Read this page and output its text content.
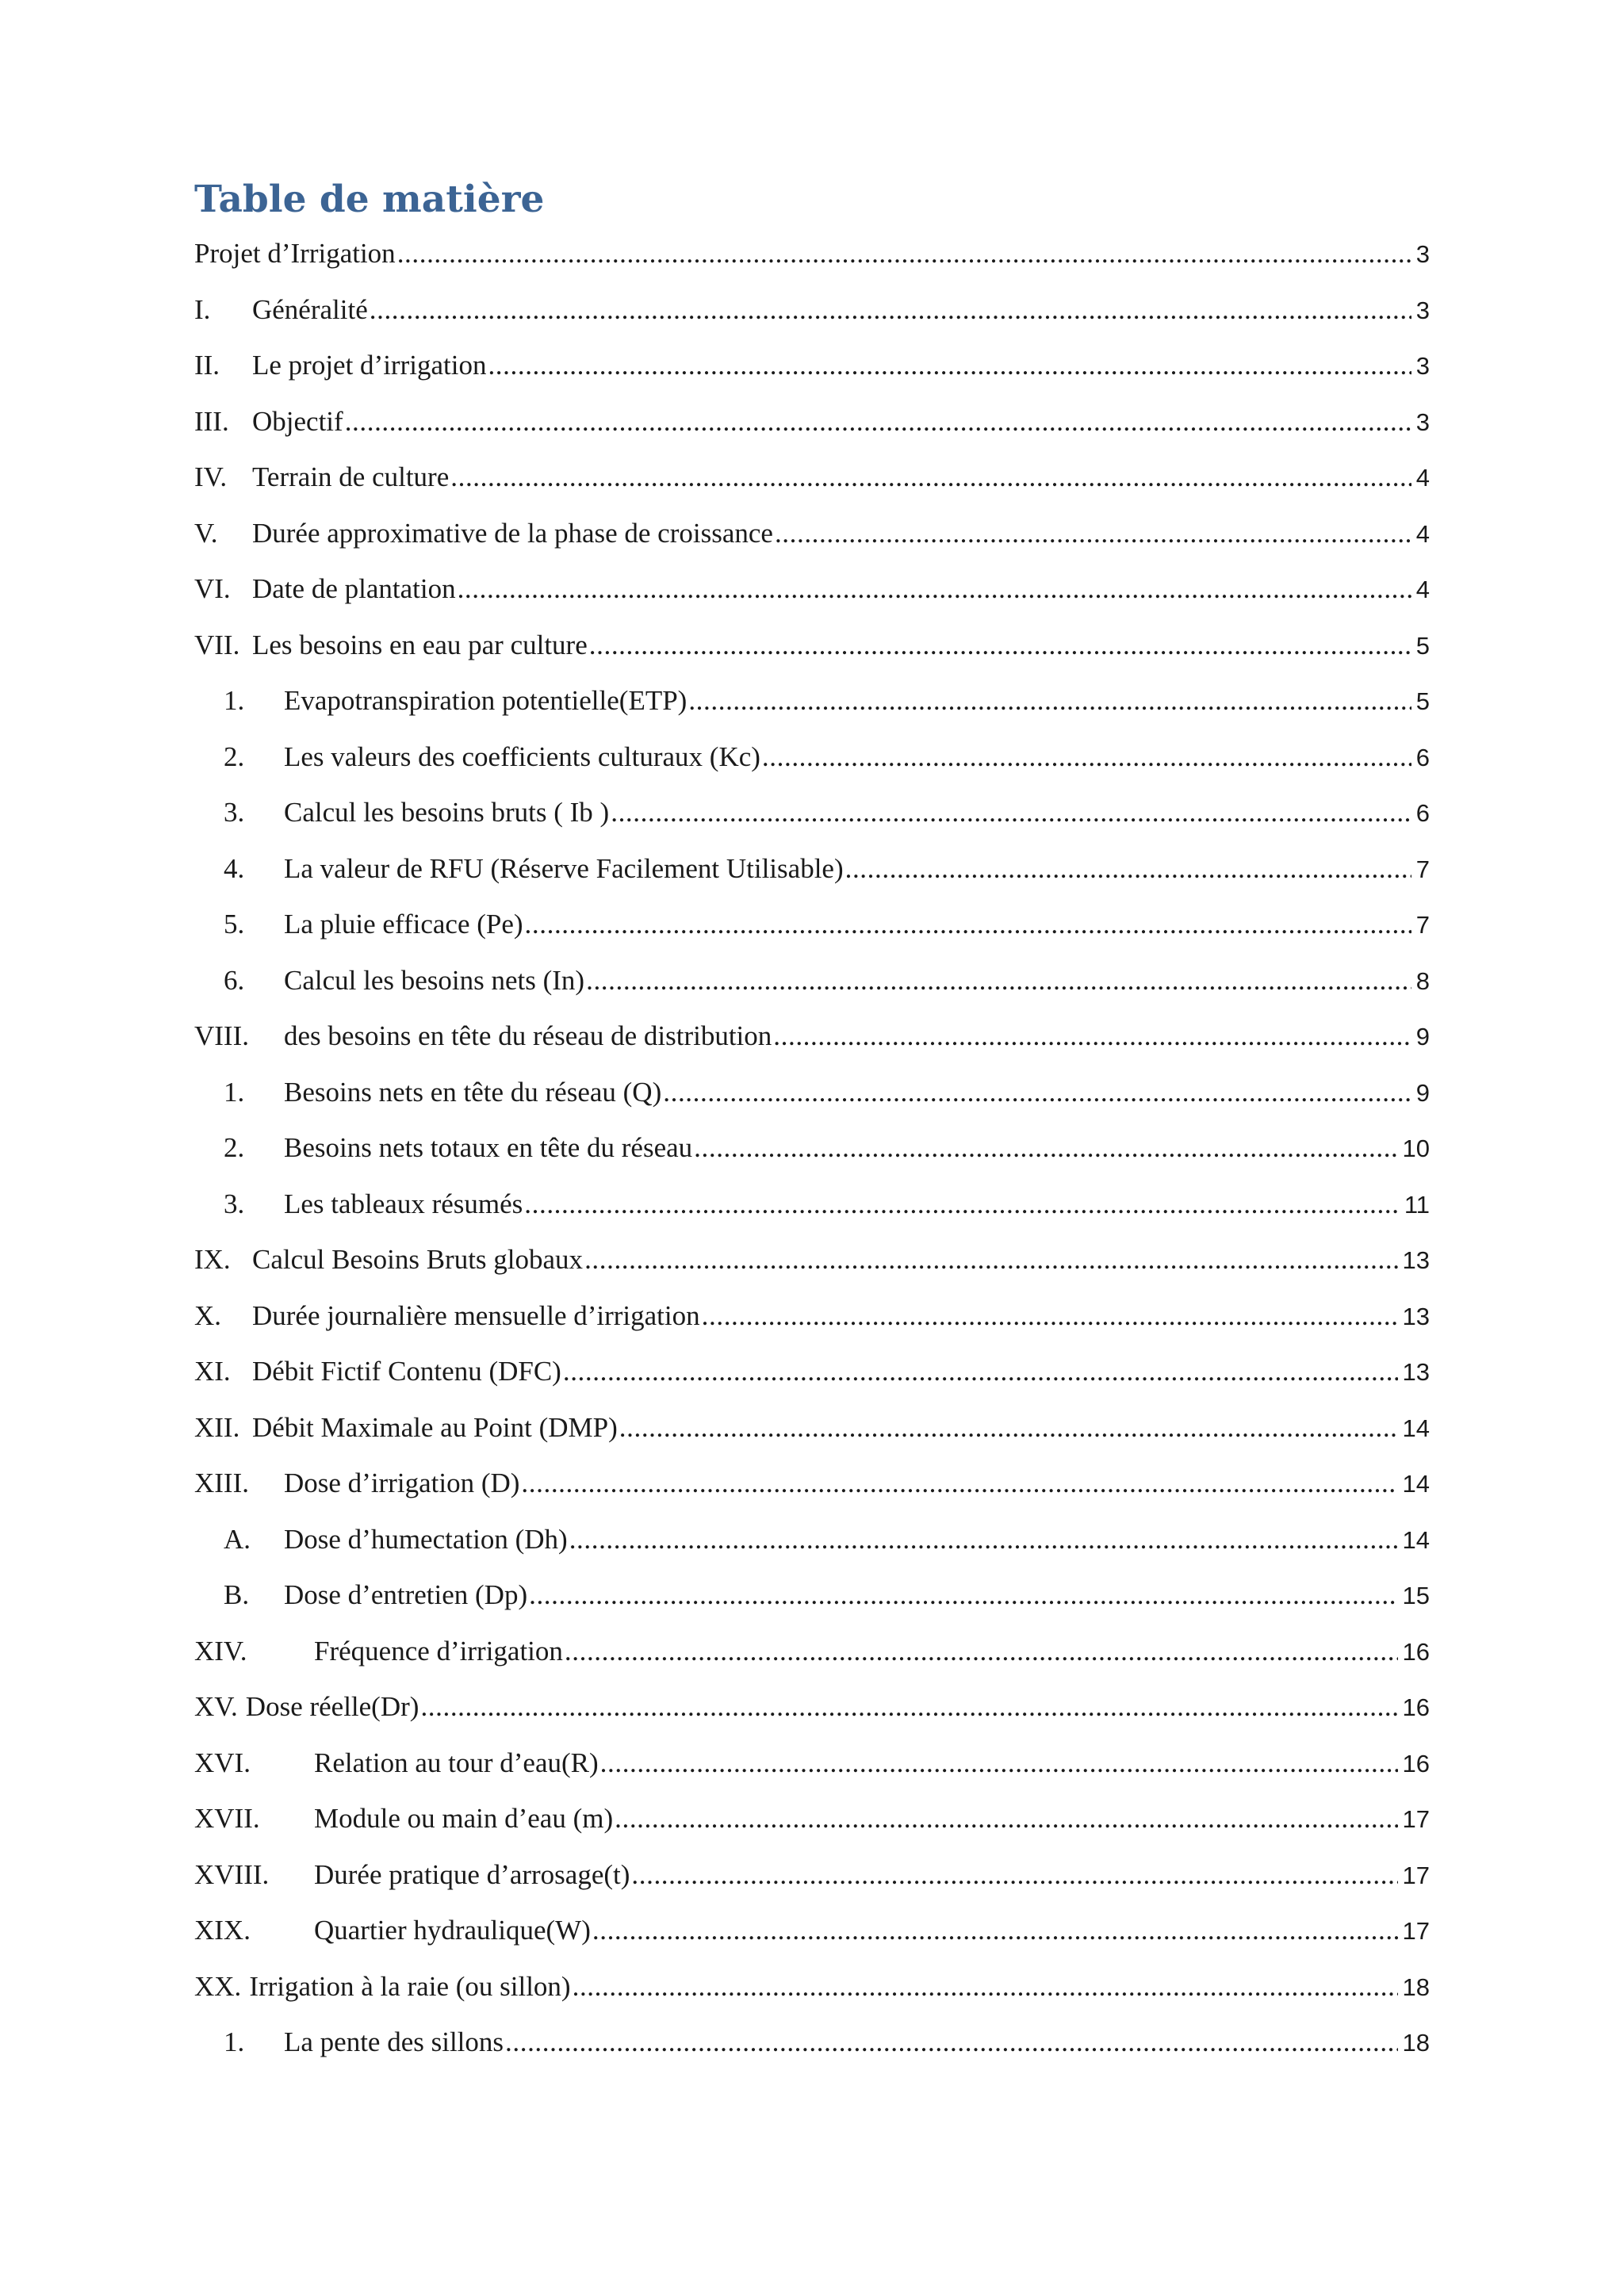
Table de matière
Projet d’Irrigation .....	3
I.	Généralité .....	3
II.	Le projet d’irrigation .....	3
III. Objectif .....	3
IV. Terrain de culture .....	4
V.	Durée approximative de la phase de croissance .....	4
VI. Date de plantation .....	4
VII. Les besoins en eau par culture .....	5
1.	Evapotranspiration potentielle(ETP) .....	5
2.	Les valeurs des coefficients culturaux (Kc) .....	6
3.	Calcul les besoins bruts ( Ib ) .....	6
4.	La valeur de RFU (Réserve Facilement Utilisable) .....	7
5.	La pluie efficace (Pe) .....	7
6.	Calcul les besoins nets (In) .....	8
VIII.	des besoins en tête du réseau de distribution .....	9
1.	Besoins nets en tête du réseau (Q) .....	9
2.	Besoins nets totaux en tête du réseau .....	10
3.	Les tableaux résumés .....	11
IX. Calcul Besoins Bruts globaux .....	13
X.	Durée journalière mensuelle d’irrigation .....	13
XI. Débit Fictif Contenu (DFC) .....	13
XII. Débit Maximale au Point (DMP) .....	14
XIII.	Dose d’irrigation (D) .....	14
A.	Dose d’humectation (Dh) .....	14
B.	Dose d’entretien (Dp) .....	15
XIV.	Fréquence d’irrigation .....	16
XV. Dose réelle(Dr) .....	16
XVI.	Relation au tour d’eau(R) .....	16
XVII.	Module ou main d’eau (m) .....	17
XVIII.	Durée pratique d’arrosage(t) .....	17
XIX.	Quartier hydraulique(W) .....	17
XX. Irrigation à la raie (ou sillon) .....	18
1.	La pente des sillons .....	18
